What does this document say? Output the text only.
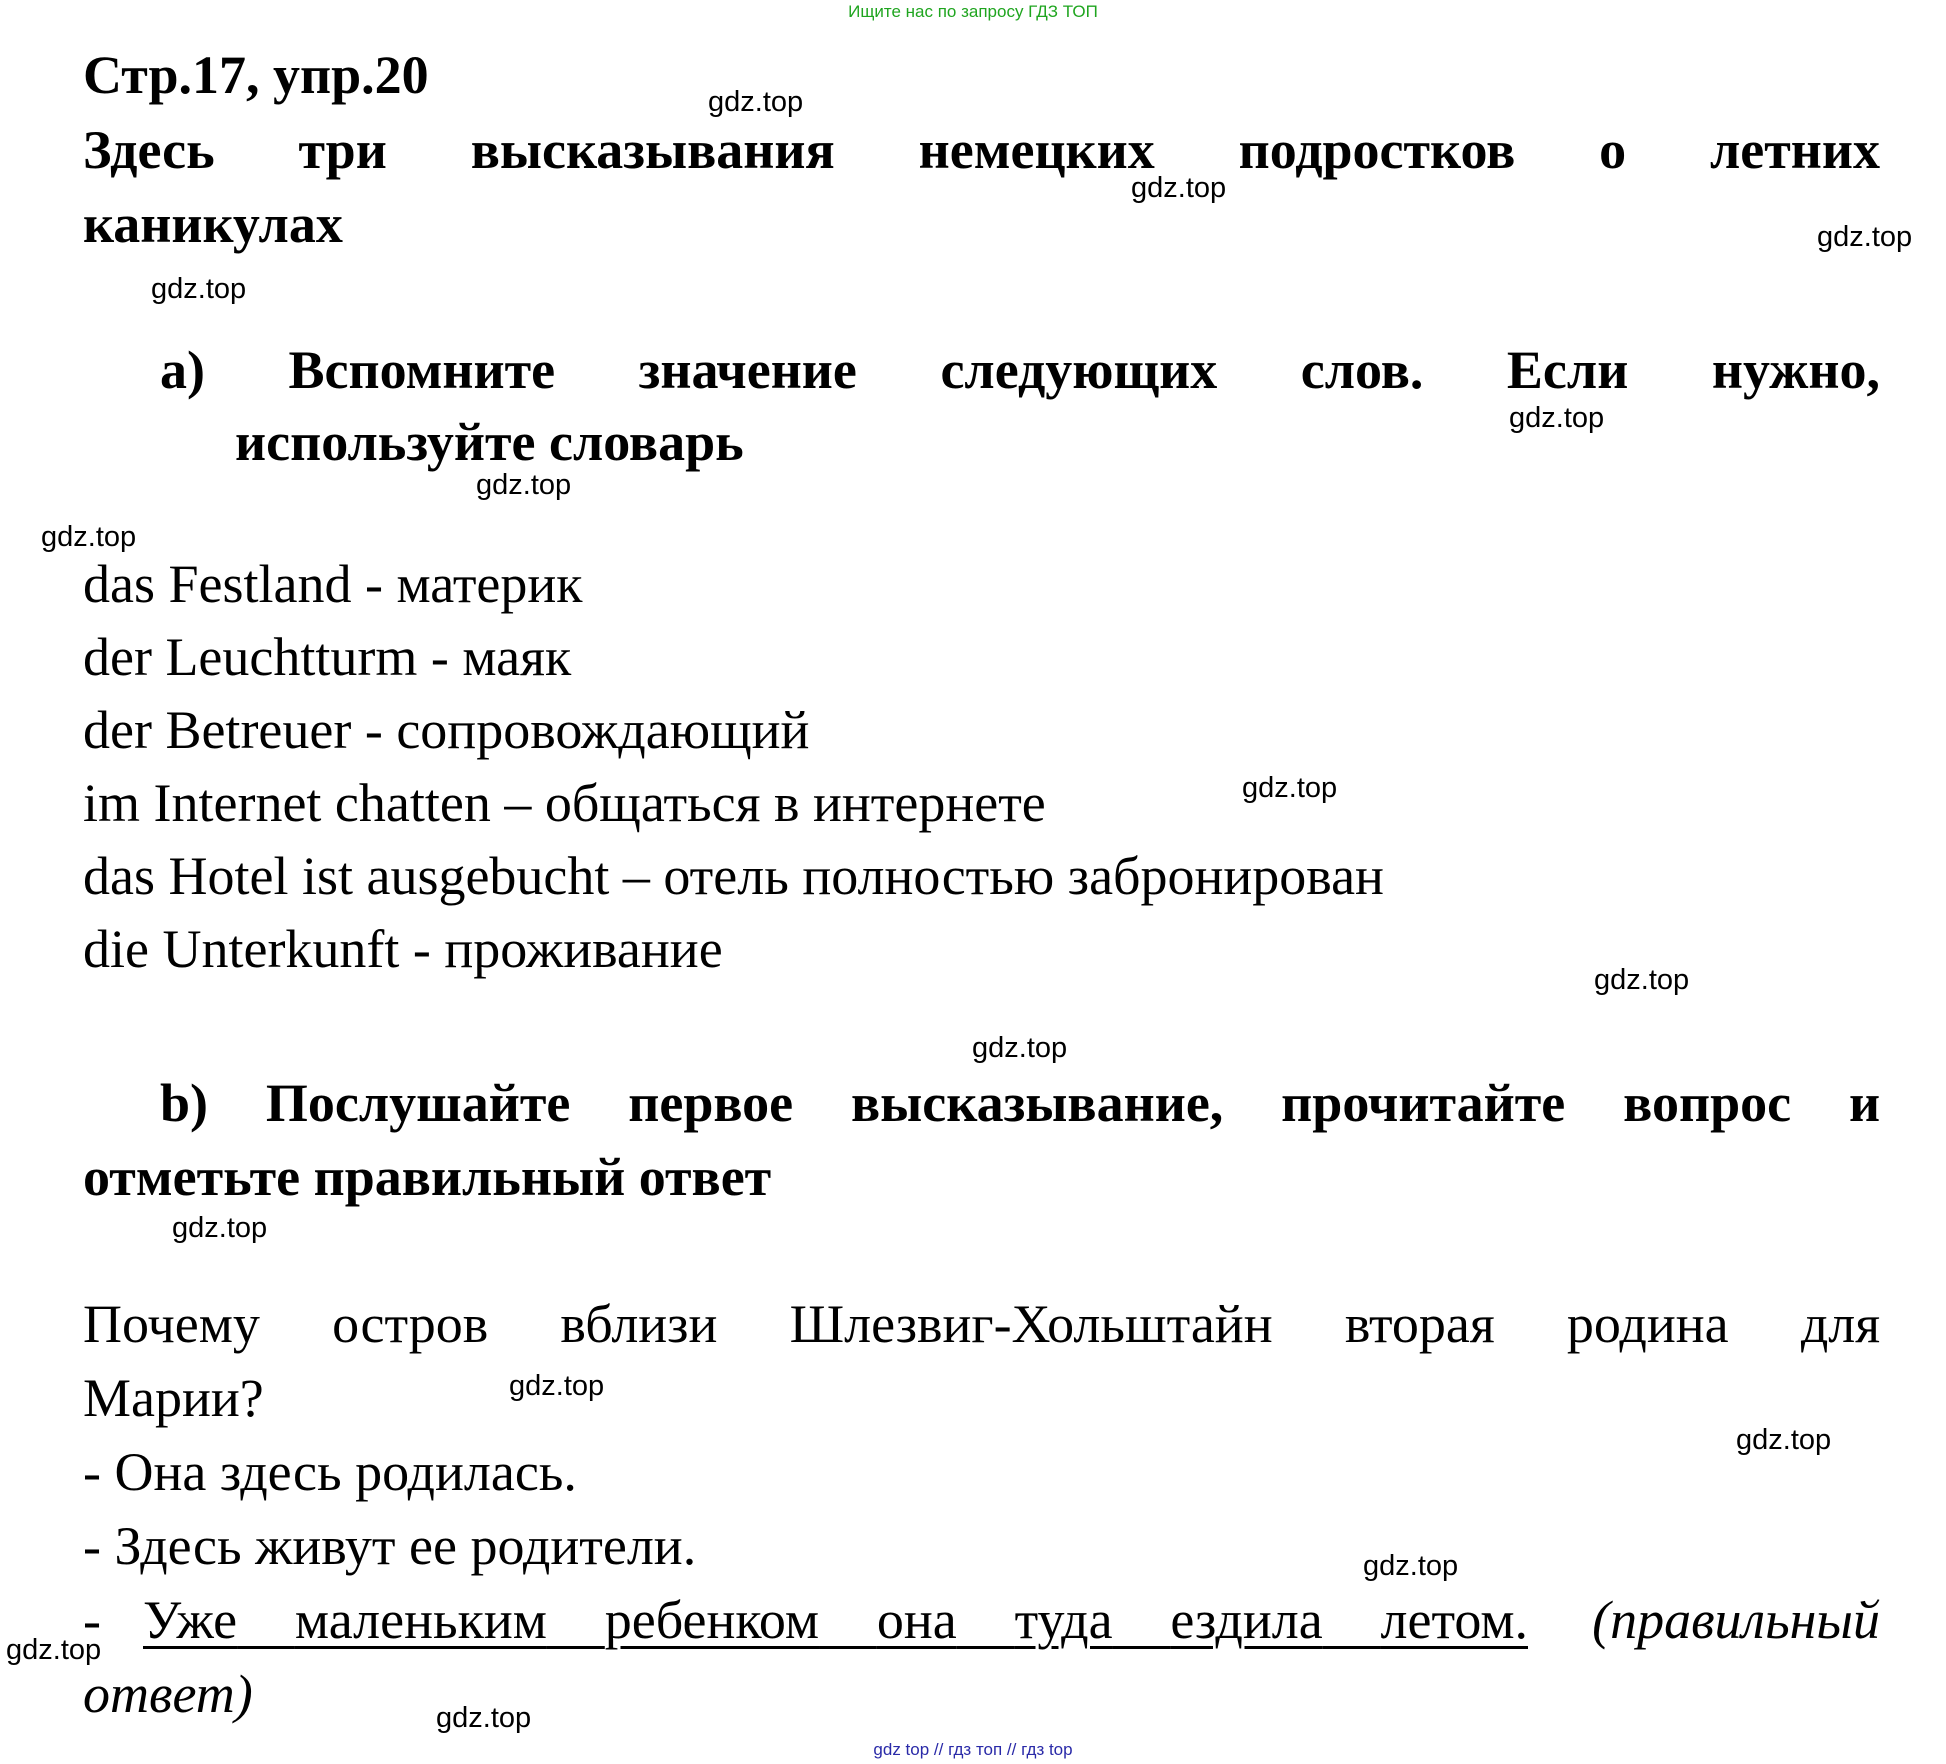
Ищите нас по запросу ГДЗ ТОП
Стр.17, упр.20
Здесь три высказывания немецких подростков о летних
каникулах
а) Вспомните значение следующих слов. Если нужно,
используйте словарь
das Festland - материк
der Leuchtturm - маяк
der Betreuer - сопровождающий
im Internet chatten – общаться в интернете
das Hotel ist ausgebucht – отель полностью забронирован
die Unterkunft - проживание
b) Послушайте первое высказывание, прочитайте вопрос и
отметьте правильный ответ
Почему остров вблизи Шлезвиг-Хольштайн вторая родина для
Марии?
- Она здесь родилась.
- Здесь живут ее родители.
- Уже маленьким ребенком она туда ездила летом. (правильный
ответ)
gdz.top
gdz.top
gdz.top
gdz.top
gdz.top
gdz.top
gdz.top
gdz.top
gdz.top
gdz.top
gdz.top
gdz.top
gdz.top
gdz.top
gdz.top
gdz.top
gdz top // гдз топ // гдз top
